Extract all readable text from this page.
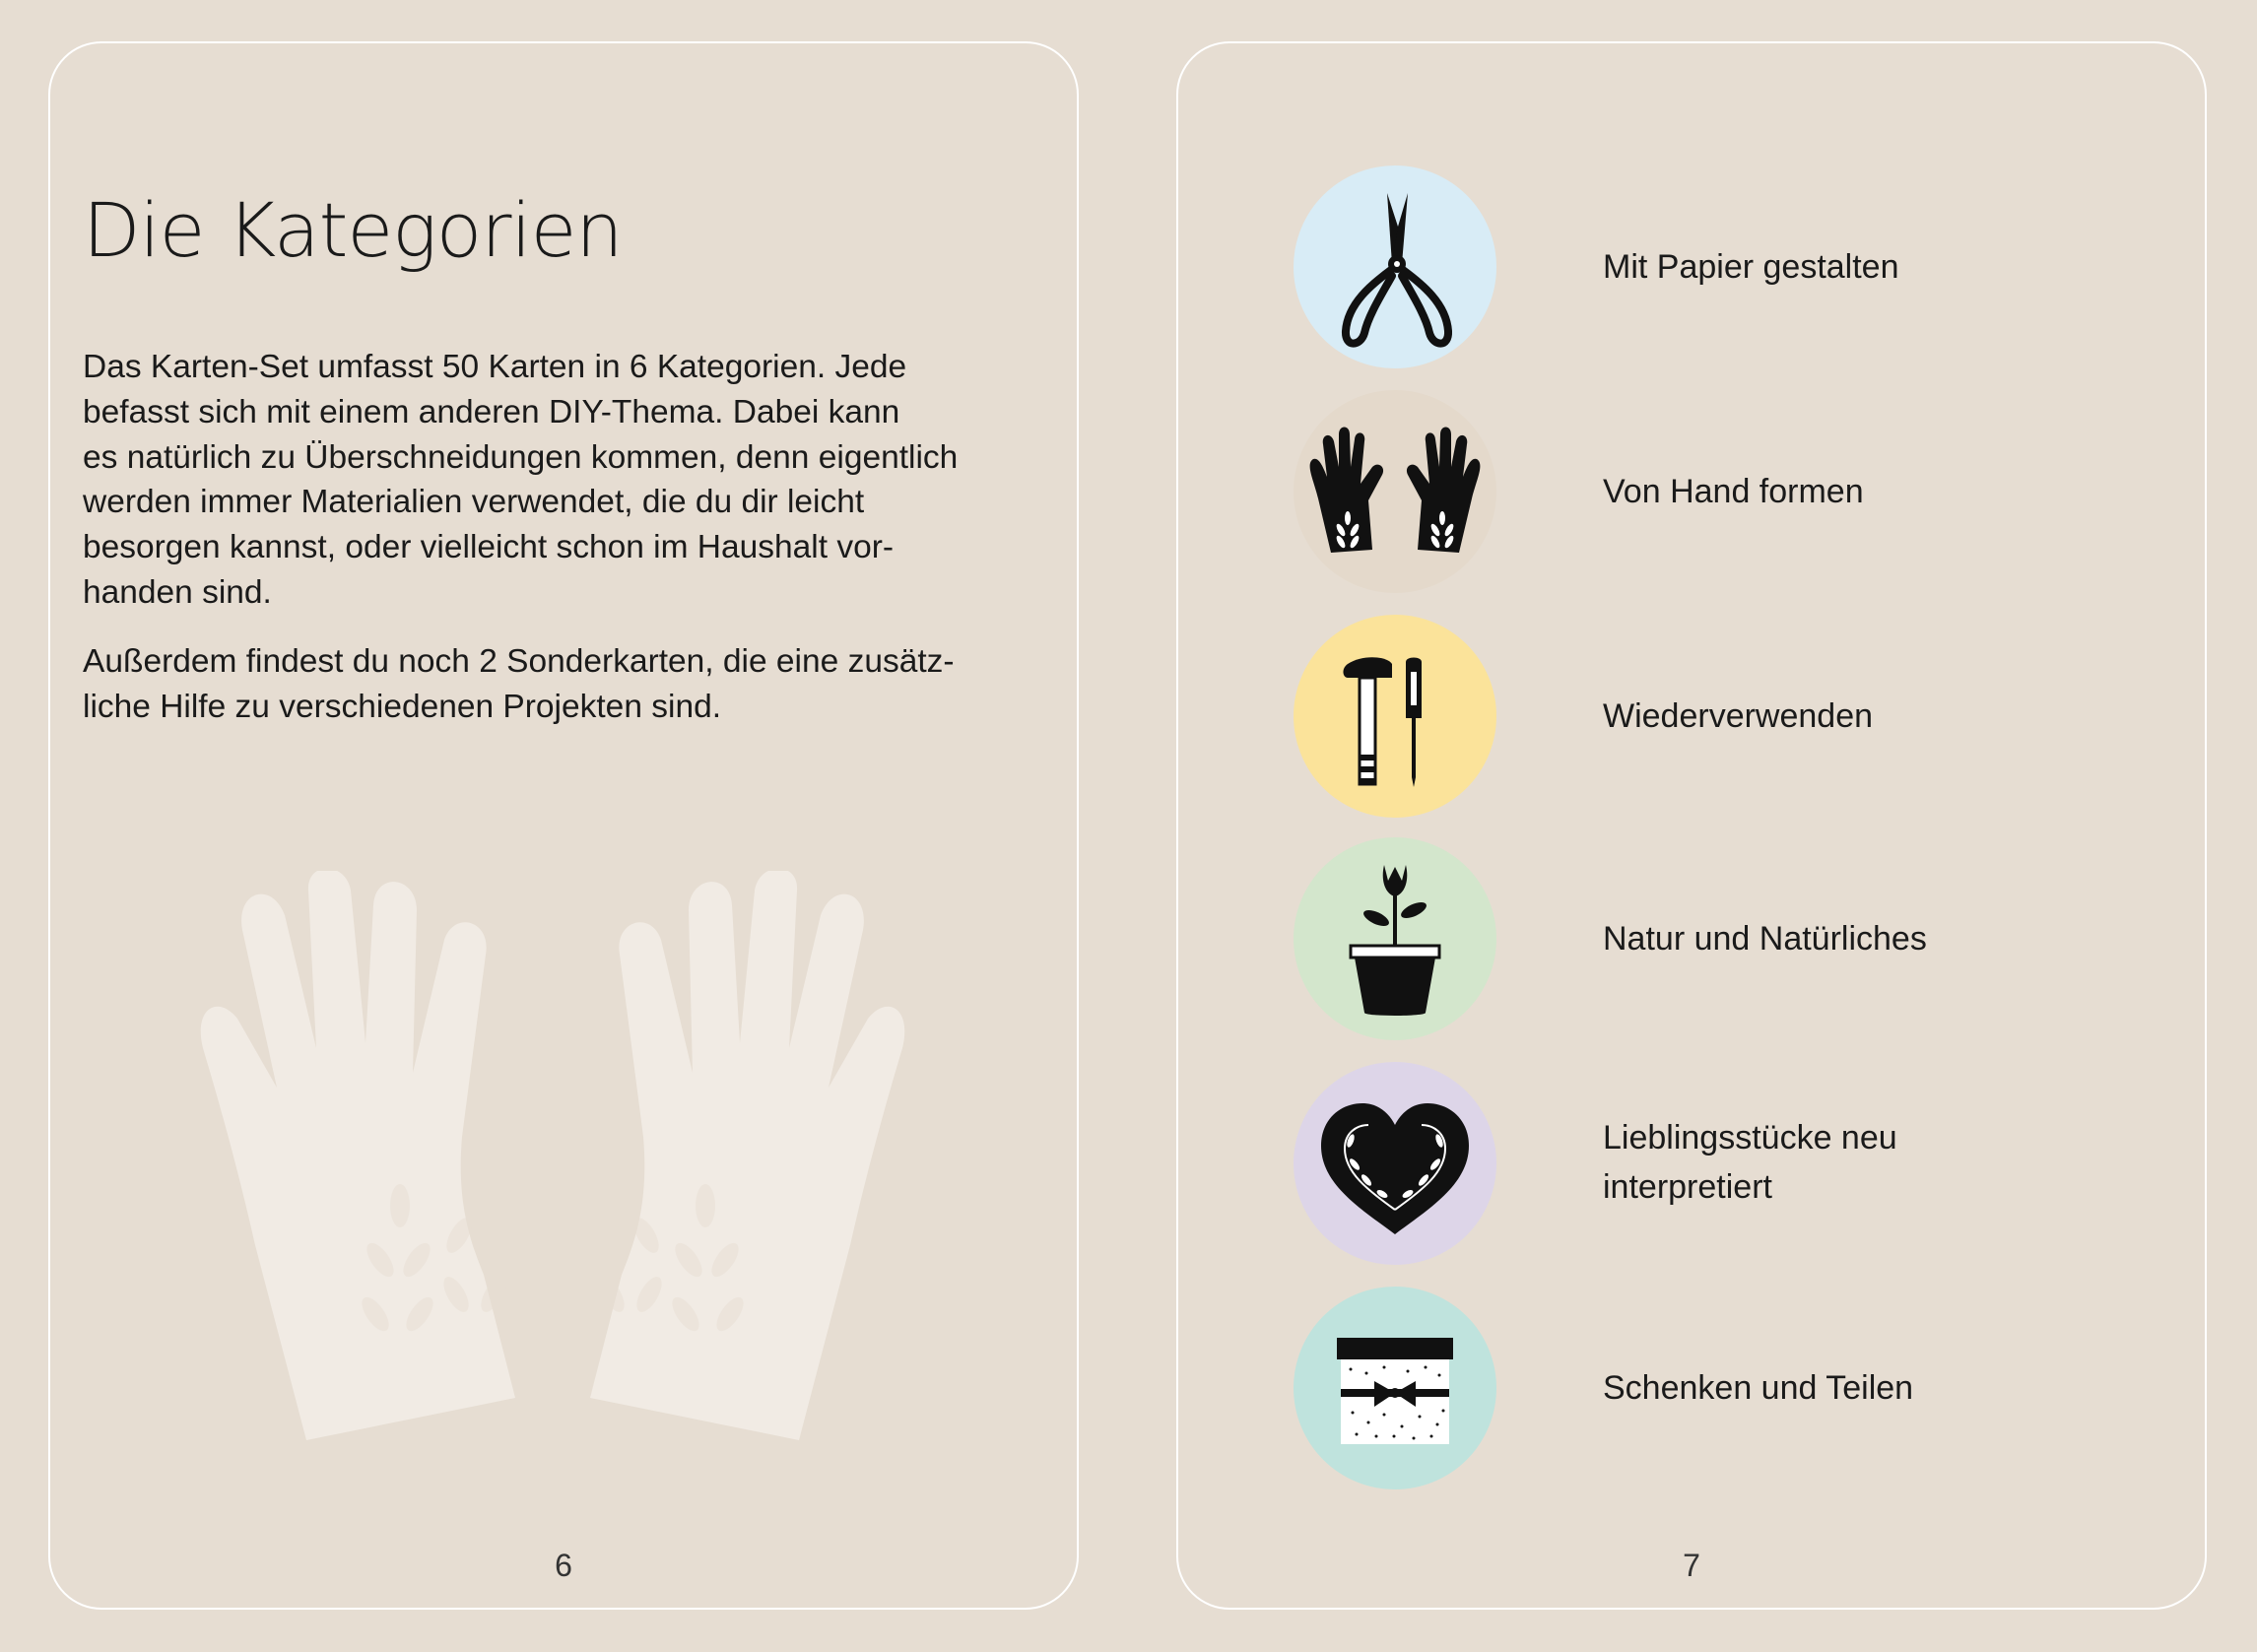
Die Kategorien

Das Karten-Set umfasst 50 Karten in 6 Kategorien. Jede
befasst sich mit einem anderen DIY-Thema. Dabei kann
es natürlich zu Überschneidungen kommen, denn eigentlich
werden immer Materialien verwendet, die du dir leicht
besorgen kannst, oder vielleicht schon im Haushalt vor-
handen sind.

Außerdem findest du noch 2 Sonderkarten, die eine zusätz-
liche Hilfe zu verschiedenen Projekten sind.

6
Mit Papier gestalten
Von Hand formen
Wiederverwenden
Natur und Natürliches
Lieblingsstücke neu
interpretiert
Schenken und Teilen
7
